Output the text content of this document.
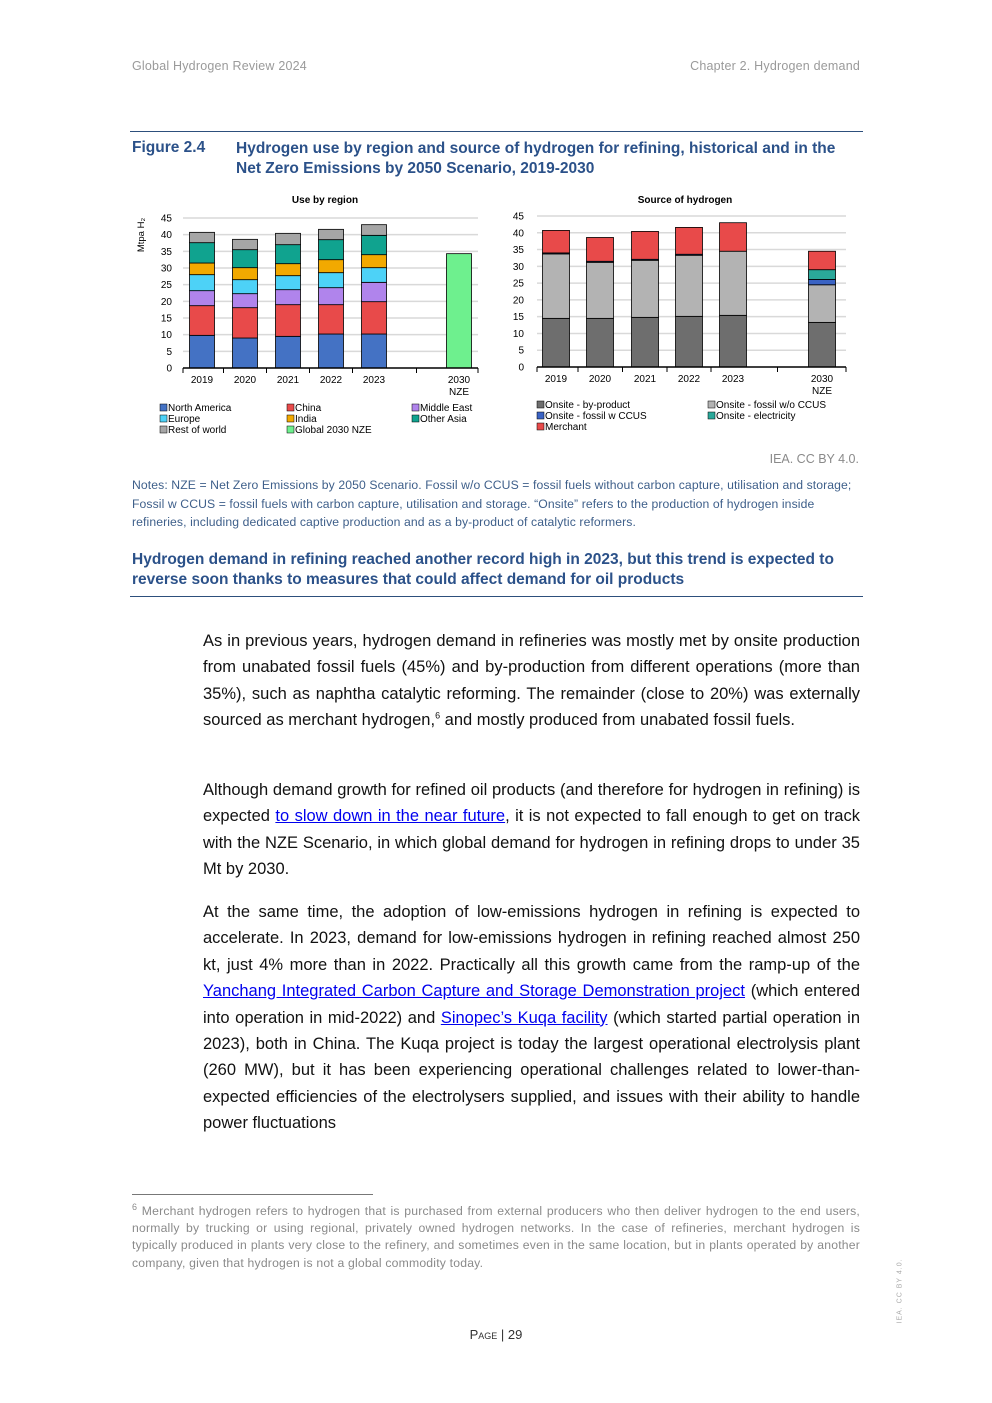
Global Hydrogen Review 2024	Chapter 2. Hydrogen demand
Figure 2.4 Hydrogen use by region and source of hydrogen for refining, historical and in the Net Zero Emissions by 2050 Scenario, 2019-2030
Use by region
0
5
10
15
20
25
30
35
40
45
Mtpa H₂
2019 2020 2021 2022 2023	2030
NZE
North America	China	Middle East
Europe	India	Other Asia
Rest of world	Global 2030 NZE
Source of hydrogen
0
5
10
15
20
25
30
35
40
45
2019 2020 2021 2022 2023	2030
NZE
Onsite - by-product	Onsite - fossil w/o CCUS
Onsite - fossil w CCUS	Onsite - electricity
Merchant
IEA. CC BY 4.0.
Notes: NZE = Net Zero Emissions by 2050 Scenario. Fossil w/o CCUS = fossil fuels without carbon capture, utilisation and storage; Fossil w CCUS = fossil fuels with carbon capture, utilisation and storage. “Onsite” refers to the production of hydrogen inside refineries, including dedicated captive production and as a by-product of catalytic reformers.
Hydrogen demand in refining reached another record high in 2023, but this trend is expected to reverse soon thanks to measures that could affect demand for oil products
As in previous years, hydrogen demand in refineries was mostly met by onsite production from unabated fossil fuels (45%) and by-production from different operations (more than 35%), such as naphtha catalytic reforming. The remainder (close to 20%) was externally sourced as merchant hydrogen,$^6$ and mostly produced from unabated fossil fuels.
Although demand growth for refined oil products (and therefore for hydrogen in refining) is expected to slow down in the near future, it is not expected to fall enough to get on track with the NZE Scenario, in which global demand for hydrogen in refining drops to under 35 Mt by 2030.
At the same time, the adoption of low-emissions hydrogen in refining is expected to accelerate. In 2023, demand for low-emissions hydrogen in refining reached almost 250 kt, just 4% more than in 2022. Practically all this growth came from the ramp-up of the Yanchang Integrated Carbon Capture and Storage Demonstration project (which entered into operation in mid-2022) and Sinopec’s Kuqa facility (which started partial operation in 2023), both in China. The Kuqa project is today the largest operational electrolysis plant (260 MW), but it has been experiencing operational challenges related to lower-than-expected efficiencies of the electrolysers supplied, and issues with their ability to handle power fluctuations
$^6$ Merchant hydrogen refers to hydrogen that is purchased from external producers who then deliver hydrogen to the end users, normally by trucking or using regional, privately owned hydrogen networks. In the case of refineries, merchant hydrogen is typically produced in plants very close to the refinery, and sometimes even in the same location, but in plants operated by another company, given that hydrogen is not a global commodity today.
Page | 29
IEA. CC BY 4.0.
